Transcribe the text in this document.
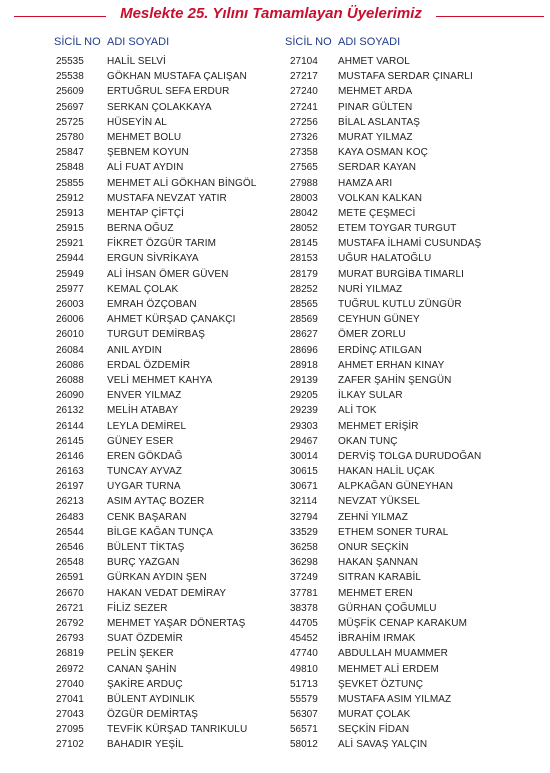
Meslekte 25. Yılını Tamamlayan Üyelerimiz
SİCİL NO ADI SOYADI
25535	HALİL SELVİ
25538	GÖKHAN MUSTAFA ÇALIŞAN
25609	ERTUĞRUL SEFA ERDUR
25697	SERKAN ÇOLAKKAYA
25725	HÜSEYİN AL
25780	MEHMET BOLU
25847	ŞEBNEM KOYUN
25848	ALİ FUAT AYDIN
25855	MEHMET ALİ GÖKHAN BİNGÖL
25912	MUSTAFA NEVZAT YATIR
25913	MEHTAP ÇİFTÇİ
25915	BERNA OĞUZ
25921	FİKRET ÖZGÜR TARIM
25944	ERGUN SİVRİKAYA
25949	ALİ İHSAN ÖMER GÜVEN
25977	KEMAL ÇOLAK
26003	EMRAH ÖZÇOBAN
26006	AHMET KÜRŞAD ÇANAKÇI
26010	TURGUT DEMİRBAŞ
26084	ANIL AYDIN
26086	ERDAL ÖZDEMİR
26088	VELİ MEHMET KAHYA
26090	ENVER YILMAZ
26132	MELİH ATABAY
26144	LEYLA DEMİREL
26145	GÜNEY ESER
26146	EREN GÖKDAĞ
26163	TUNCAY AYVAZ
26197	UYGAR TURNA
26213	ASIM AYTAÇ BOZER
26483	CENK BAŞARAN
26544	BİLGE KAĞAN TUNÇA
26546	BÜLENT TİKTAŞ
26548	BURÇ YAZGAN
26591	GÜRKAN AYDIN ŞEN
26670	HAKAN VEDAT DEMİRAY
26721	FİLİZ SEZER
26792	MEHMET YAŞAR DÖNERTAŞ
26793	SUAT ÖZDEMİR
26819	PELİN ŞEKER
26972	CANAN ŞAHİN
27040	ŞAKİRE ARDUÇ
27041	BÜLENT AYDINLIK
27043	ÖZGÜR DEMİRTAŞ
27095	TEVFİK KÜRŞAD TANRIKULU
27102	BAHADIR YEŞİL
SİCİL NO ADI SOYADI
27104	AHMET VAROL
27217	MUSTAFA SERDAR ÇINARLI
27240	MEHMET ARDA
27241	PINAR GÜLTEN
27256	BİLAL ASLANTAŞ
27326	MURAT YILMAZ
27358	KAYA OSMAN KOÇ
27565	SERDAR KAYAN
27988	HAMZA ARI
28003	VOLKAN KALKAN
28042	METE ÇEŞMECİ
28052	ETEM TOYGAR TURGUT
28145	MUSTAFA İLHAMİ CUSUNDAŞ
28153	UĞUR HALATOĞLU
28179	MURAT BURGİBA TIMARLI
28252	NURİ YILMAZ
28565	TUĞRUL KUTLU ZÜNGÜR
28569	CEYHUN GÜNEY
28627	ÖMER ZORLU
28696	ERDİNÇ ATILGAN
28918	AHMET ERHAN KINAY
29139	ZAFER ŞAHİN ŞENGÜN
29205	İLKAY SULAR
29239	ALİ TOK
29303	MEHMET ERİŞİR
29467	OKAN TUNÇ
30014	DERVİŞ TOLGA DURUDOĞAN
30615	HAKAN HALİL UÇAK
30671	ALPKAĞAN GÜNEYHAN
32114	NEVZAT YÜKSEL
32794	ZEHNİ YILMAZ
33529	ETHEM SONER TURAL
36258	ONUR SEÇKİN
36298	HAKAN ŞANNAN
37249	SITRAN KARABİL
37781	MEHMET EREN
38378	GÜRHAN ÇOĞUMLU
44705	MÜŞFİK CENAP KARAKUM
45452	İBRAHİM IRMAK
47740	ABDULLAH MUAMMER
49810	MEHMET ALİ ERDEM
51713	ŞEVKET ÖZTUNÇ
55579	MUSTAFA ASIM YILMAZ
56307	MURAT ÇOLAK
56571	SEÇKİN FİDAN
58012	ALİ SAVAŞ YALÇIN
